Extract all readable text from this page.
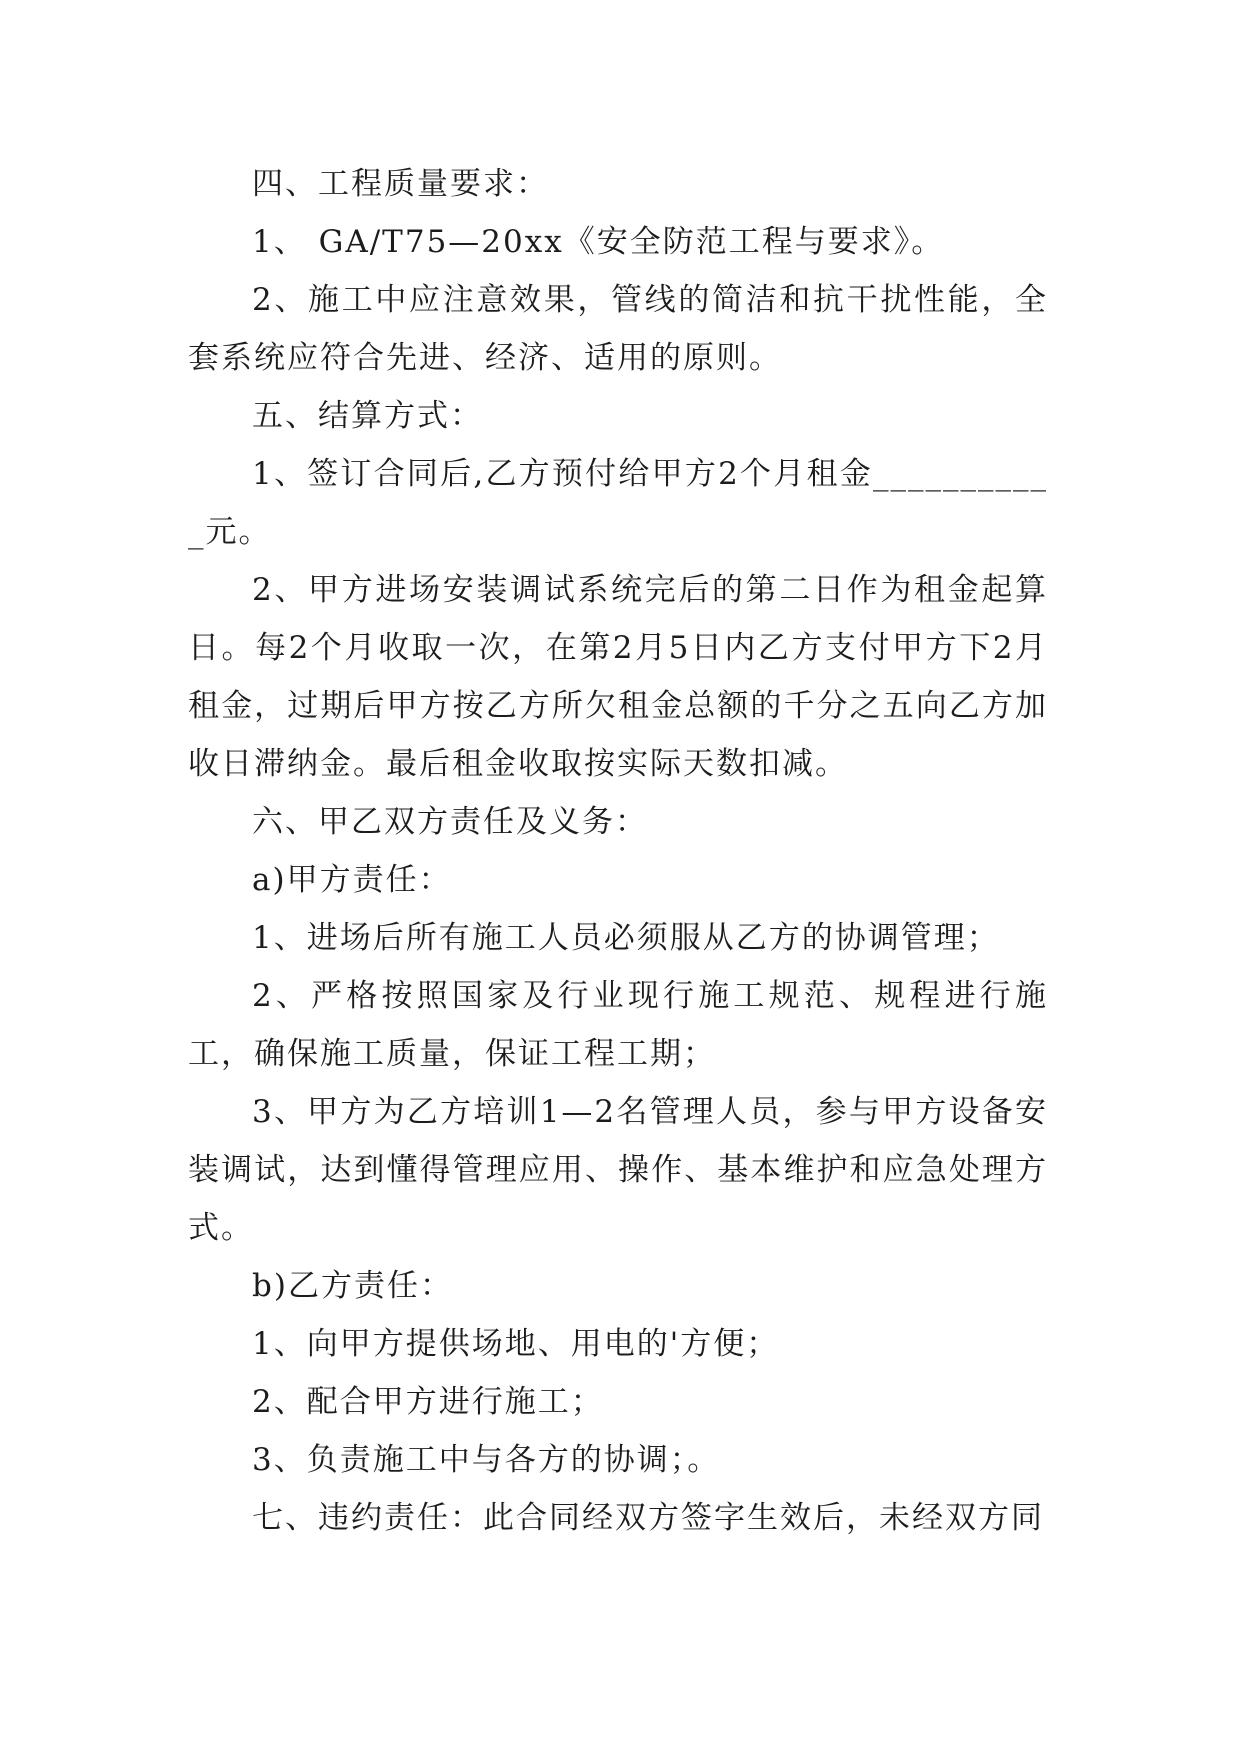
四、工程质量要求：

1、 GA/T75—20xx《安全防范工程与要求》。

2、施工中应注意效果，管线的简洁和抗干扰性能，全套系统应符合先进、经济、适用的原则。

五、结算方式：

1、签订合同后,乙方预付给甲方2个月租金___________元。

2、甲方进场安装调试系统完后的第二日作为租金起算日。每2个月收取一次，在第2月5日内乙方支付甲方下2月租金，过期后甲方按乙方所欠租金总额的千分之五向乙方加收日滞纳金。最后租金收取按实际天数扣减。

六、甲乙双方责任及义务：

a)甲方责任：

1、进场后所有施工人员必须服从乙方的协调管理；

2、严格按照国家及行业现行施工规范、规程进行施工，确保施工质量，保证工程工期；

3、甲方为乙方培训1—2名管理人员，参与甲方设备安装调试，达到懂得管理应用、操作、基本维护和应急处理方式。

b)乙方责任：

1、向甲方提供场地、用电的'方便；

2、配合甲方进行施工；

3、负责施工中与各方的协调；。

七、违约责任：此合同经双方签字生效后，未经双方同
